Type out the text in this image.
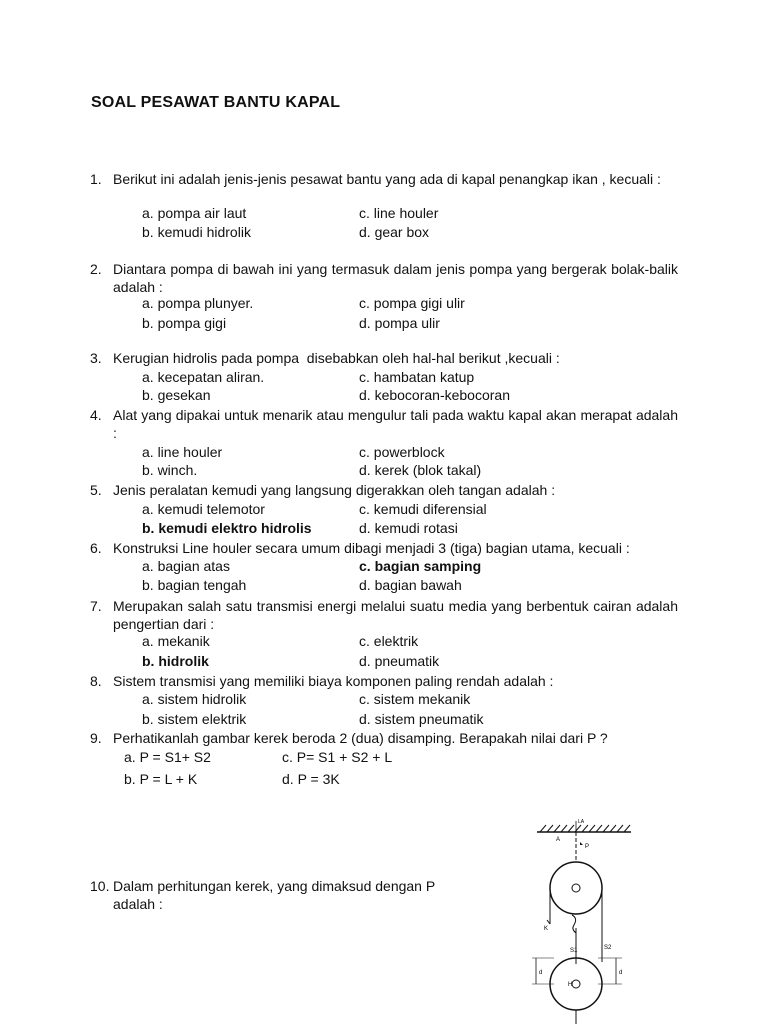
SOAL PESAWAT BANTU KAPAL
1. Berikut ini adalah jenis-jenis pesawat bantu yang ada di kapal penangkap ikan , kecuali :
a. pompa air laut	c. line houler
b. kemudi hidrolik	d. gear box
2. Diantara pompa di bawah ini yang termasuk dalam jenis pompa yang bergerak bolak-balik adalah :
a. pompa plunyer.	c. pompa gigi ulir
b. pompa gigi	d. pompa ulir
3. Kerugian hidrolis pada pompa  disebabkan oleh hal-hal berikut ,kecuali :
a. kecepatan aliran.	c. hambatan katup
b. gesekan	d. kebocoran-kebocoran
4. Alat yang dipakai untuk menarik atau mengulur tali pada waktu kapal akan merapat adalah :
a. line houler	c. powerblock
b. winch.	d. kerek (blok takal)
5. Jenis peralatan kemudi yang langsung digerakkan oleh tangan adalah :
a. kemudi telemotor	c. kemudi diferensial
b. kemudi elektro hidrolis	d. kemudi rotasi
6. Konstruksi Line houler secara umum dibagi menjadi 3 (tiga) bagian utama, kecuali :
a. bagian atas	c. bagian samping
b. bagian tengah	d. bagian bawah
7. Merupakan salah satu transmisi energi melalui suatu media yang berbentuk cairan adalah pengertian dari :
a. mekanik	c. elektrik
b. hidrolik	d. pneumatik
8. Sistem transmisi yang memiliki biaya komponen paling rendah adalah :
a. sistem hidrolik	c. sistem mekanik
b. sistem elektrik	d. sistem pneumatik
9. Perhatikanlah gambar kerek beroda 2 (dua) disamping. Berapakah nilai dari P ?
a. P = S1+ S2	c. P= S1 + S2 + L
b. P = L + K	d. P = 3K
10. Dalam perhitungan kerek, yang dimaksud dengan P adalah :
LA
A
P
K
S1	S2
H
d	d
